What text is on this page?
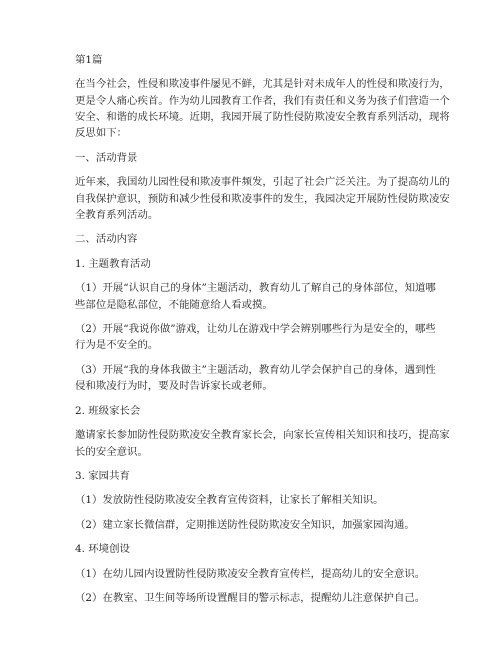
第1篇
在当今社会，性侵和欺凌事件屡见不鲜，尤其是针对未成年人的性侵和欺凌行为，
更是令人痛心疾首。作为幼儿园教育工作者，我们有责任和义务为孩子们营造一个
安全、和谐的成长环境。近期，我园开展了防性侵防欺凌安全教育系列活动，现将
反思如下：
一、活动背景
近年来，我国幼儿园性侵和欺凌事件频发，引起了社会广泛关注。为了提高幼儿的
自我保护意识，预防和减少性侵和欺凌事件的发生，我园决定开展防性侵防欺凌安
全教育系列活动。
二、活动内容
1. 主题教育活动
（1）开展“认识自己的身体”主题活动，教育幼儿了解自己的身体部位，知道哪
些部位是隐私部位，不能随意给人看或摸。
（2）开展“我说你做”游戏，让幼儿在游戏中学会辨别哪些行为是安全的，哪些
行为是不安全的。
（3）开展“我的身体我做主”主题活动，教育幼儿学会保护自己的身体，遇到性
侵和欺凌行为时，要及时告诉家长或老师。
2. 班级家长会
邀请家长参加防性侵防欺凌安全教育家长会，向家长宣传相关知识和技巧，提高家
长的安全意识。
3. 家园共育
（1）发放防性侵防欺凌安全教育宣传资料，让家长了解相关知识。
（2）建立家长微信群，定期推送防性侵防欺凌安全知识，加强家园沟通。
4. 环境创设
（1）在幼儿园内设置防性侵防欺凌安全教育宣传栏，提高幼儿的安全意识。
（2）在教室、卫生间等场所设置醒目的警示标志，提醒幼儿注意保护自己。
